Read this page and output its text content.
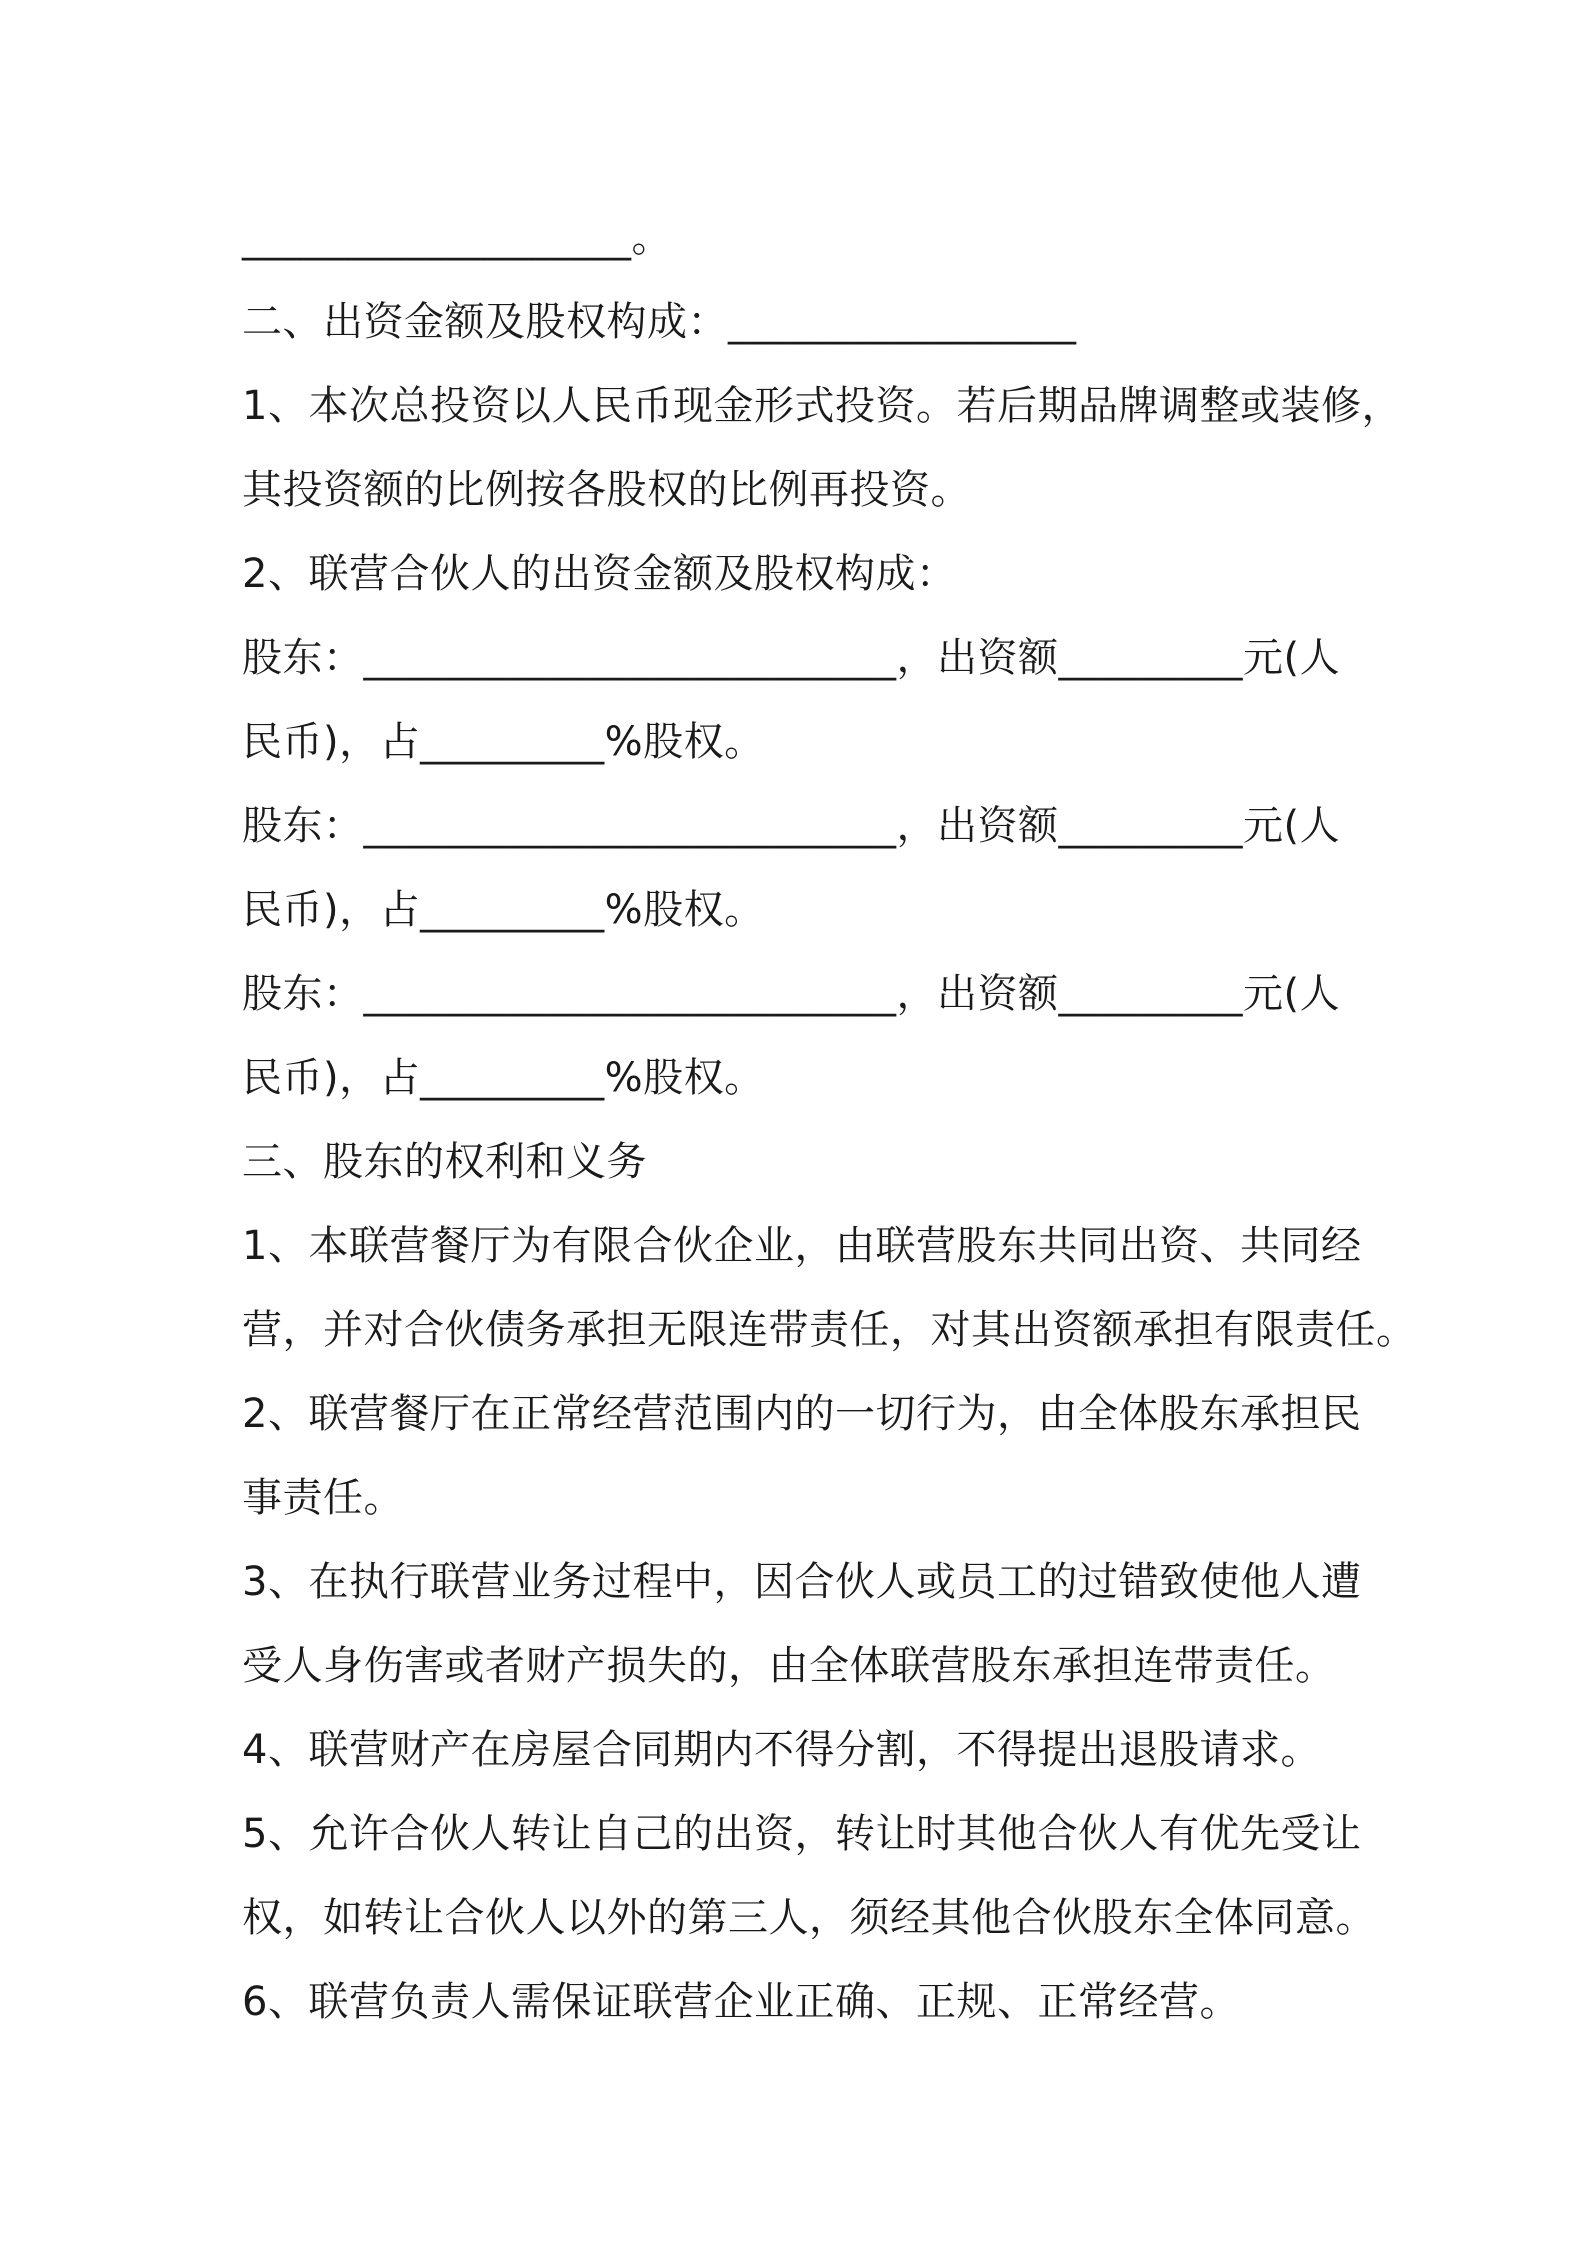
___________________。
二、出资金额及股权构成：_________________
1、本次总投资以人民币现金形式投资。若后期品牌调整或装修，
其投资额的比例按各股权的比例再投资。
2、联营合伙人的出资金额及股权构成：
股东：__________________________，出资额_________元(人
民币)，占_________%股权。
股东：__________________________，出资额_________元(人
民币)，占_________%股权。
股东：__________________________，出资额_________元(人
民币)，占_________%股权。
三、股东的权利和义务
1、本联营餐厅为有限合伙企业，由联营股东共同出资、共同经
营，并对合伙债务承担无限连带责任，对其出资额承担有限责任。
2、联营餐厅在正常经营范围内的一切行为，由全体股东承担民
事责任。
3、在执行联营业务过程中，因合伙人或员工的过错致使他人遭
受人身伤害或者财产损失的，由全体联营股东承担连带责任。
4、联营财产在房屋合同期内不得分割，不得提出退股请求。
5、允许合伙人转让自己的出资，转让时其他合伙人有优先受让
权，如转让合伙人以外的第三人，须经其他合伙股东全体同意。
6、联营负责人需保证联营企业正确、正规、正常经营。
